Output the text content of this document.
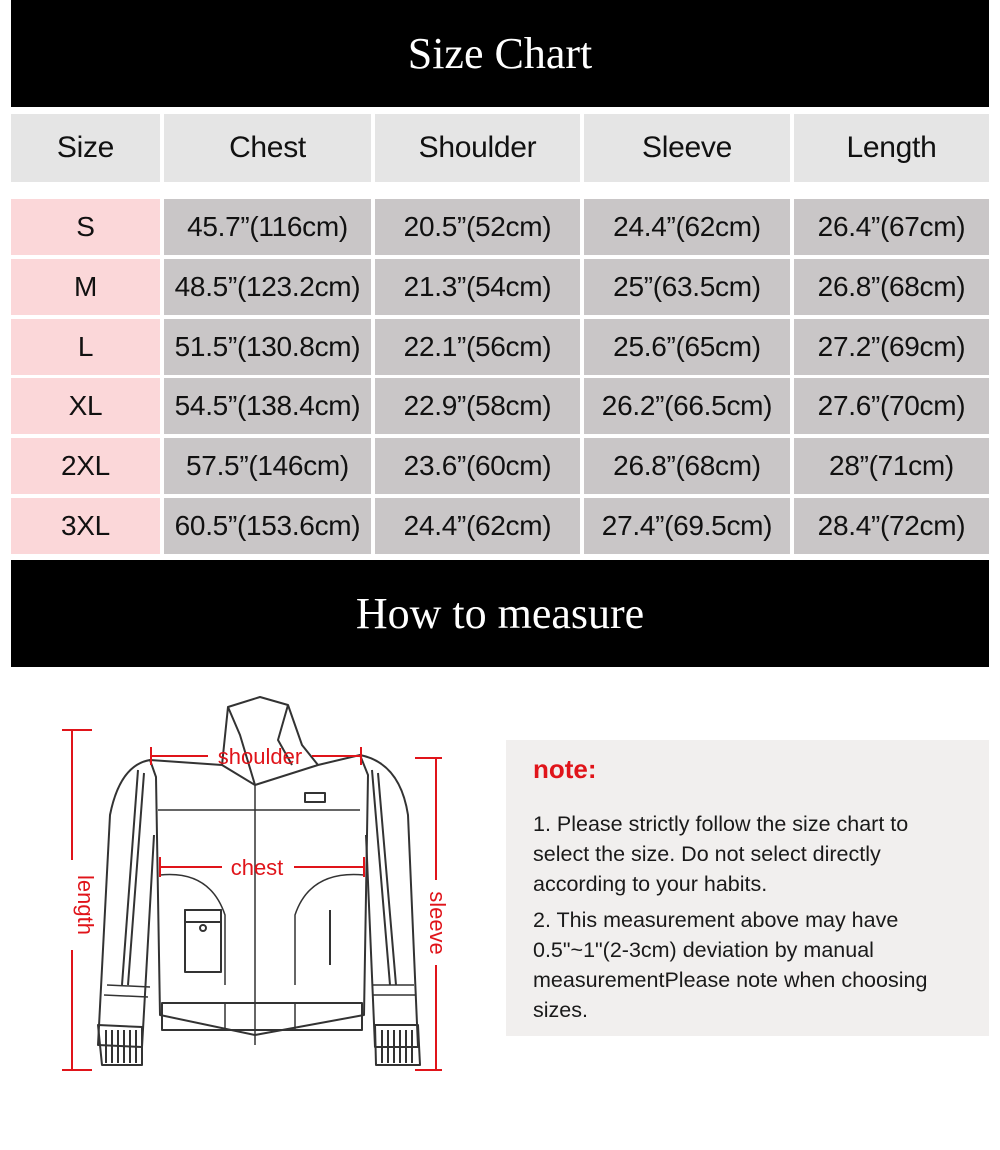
Size Chart
Size	Chest	Shoulder	Sleeve	Length
S	45.7”(116cm)	20.5”(52cm)	24.4”(62cm)	26.4”(67cm)
M	48.5”(123.2cm)	21.3”(54cm)	25”(63.5cm)	26.8”(68cm)
L	51.5”(130.8cm)	22.1”(56cm)	25.6”(65cm)	27.2”(69cm)
XL	54.5”(138.4cm)	22.9”(58cm)	26.2”(66.5cm)	27.6”(70cm)
2XL	57.5”(146cm)	23.6”(60cm)	26.8”(68cm)	28”(71cm)
3XL	60.5”(153.6cm)	24.4”(62cm)	27.4”(69.5cm)	28.4”(72cm)
How to measure
shoulder
chest
length	sleeve
note:
1. Please strictly follow the size chart to select the size. Do not select directly according to your habits.
2. This measurement above may have 0.5"~1"(2-3cm) deviation by manual measurementPlease note when choosing sizes.
